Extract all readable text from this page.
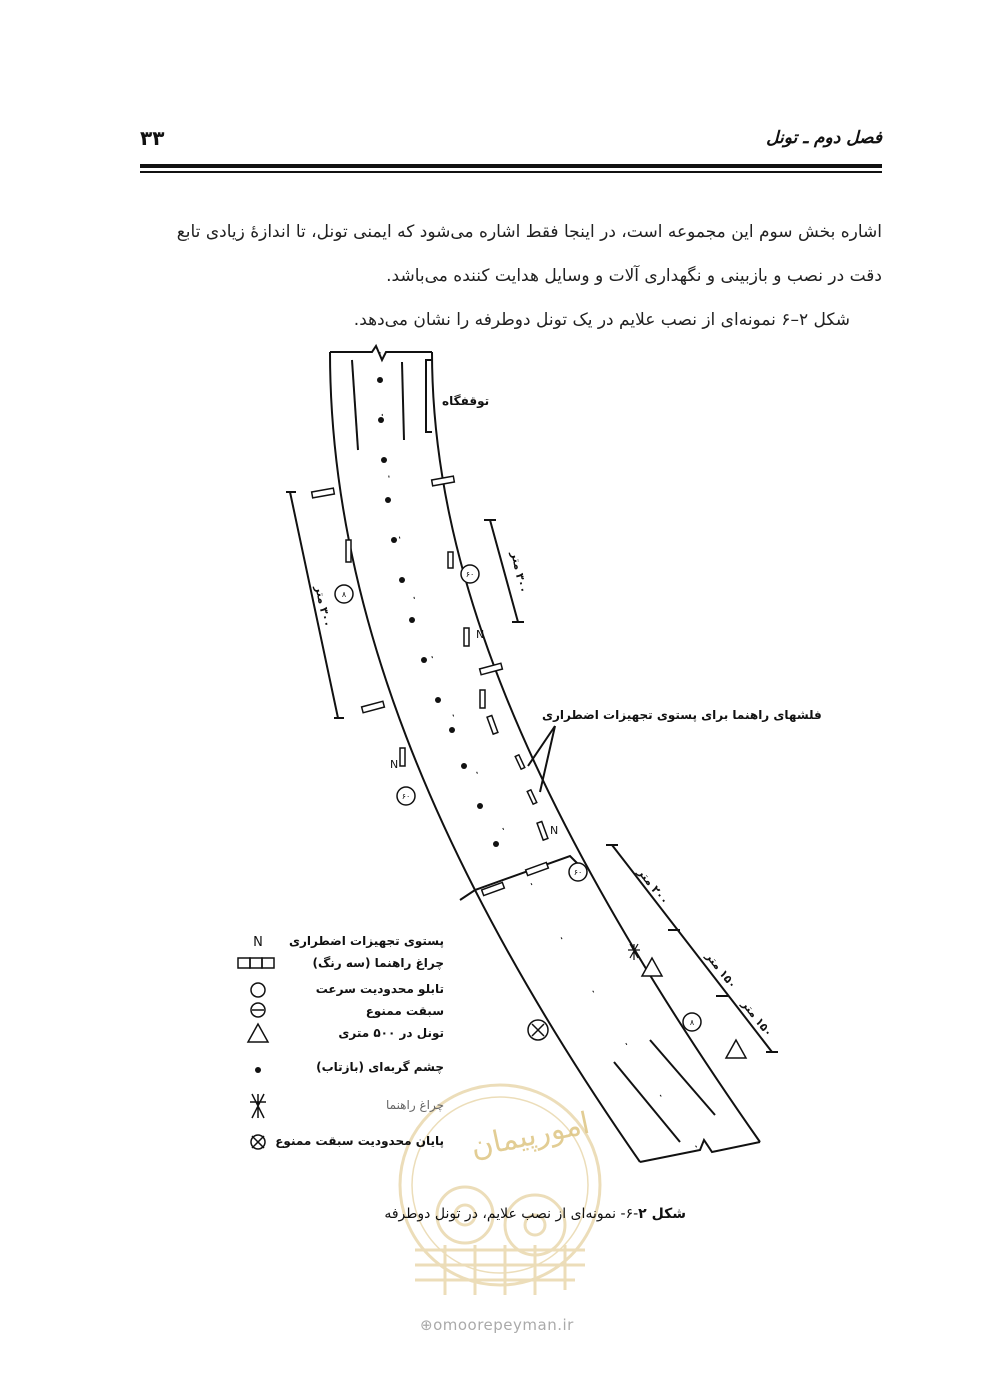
۳۳	فصل دوم ـ تونل
اشاره بخش سوم این مجموعه است، در اینجا فقط اشاره می‌شود که ایمنی تونل، تا اندازهٔ زیادی تابع
دقت در نصب و بازبینی و نگهداری آلات و وسایل هدایت کننده می‌باشد.
شکل ۲–۶ نمونه‌ای از نصب علایم در یک تونل دوطرفه را نشان می‌دهد.
امورپیمان
۸
۶۰
۶۰
۶۰
۸
N
N
N
N
توقفگاه
فلشهای راهنما برای پستوی تجهیزات اضطراری
۳۰۰ متر
۳۰۰ متر
۲۰۰ متر
۱۵۰ متر
۱۵۰ متر
پستوی تجهیزات اضطراری
چراغ راهنما (سه رنگ)
تابلو محدودیت سرعت
سبقت ممنوع
تونل در ۵۰۰ متری
چشم گربه‌ای (بازتاب)
چراغ راهنما
پایان محدودیت سبقت ممنوع
شکل ۲-۶- نمونه‌ای از نصب علایم، در تونل دوطرفه
⊕omoorepeyman.ir
